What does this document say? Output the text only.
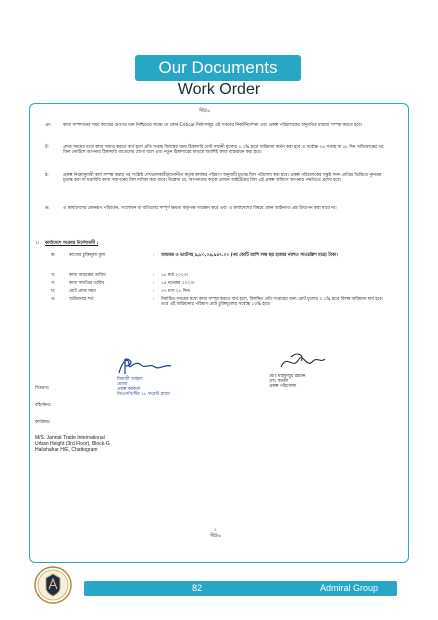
Our Documents
Work Order
সীট/৬
ঞ:	কাজ সম্পাদনের সময় কাজের গুণগত মান নিশ্চিতের লক্ষ্যে যে কোন Critical নির্মাণসমূহ এই দপ্তরের নিকটনির্দেশনা এবং প্রকল্প পরিচালকের অনুমতির মাধ্যমে সম্পন্ন করতে হবে।
ট:	প্রদত্ত সময়ের মধ্যে কাজ সমাপ্ত করতে ব্যর্থ হলে প্রতি সপ্তাহ বিলম্বের জন্য ঠিকাদারি মোট সম্মানী মূল্যের ০.১% হারে জরিমানা কর্তন করা হবে ও সর্বোচ্চ ০৪ সপ্তাহ বা ২৮ দিন অতিক্রান্তের পর বিনা নোটিশে আপনার ঠিকাদারি বাতেলের যোগ্য বলে এবং নতুন ঠিকাদারের মাধ্যমে অবশিষ্ট কাজ বাস্তবায়ন করা হবে।
ঠ:	প্রকল্প নিয়মানুযায়ী কার্য সম্পন্ন করার পর সংশ্লিষ্ট দেখভালকারী/মনোনীত কর্তৃক কার্যকর পরিমাপ অনুযায়ী চূড়ান্ত বিল পরিশোধ করা হবে। প্রকল্প পরিচালকের সন্তুষ্ট সনদ প্রাপ্তির ভিত্তিতে ন্যূনতম চূড়ান্ত করা যা যথাবিধি কাজ সমাপনের বিল দাখিল করা যাবে। উল্লেখ্য যে, আপনাদের কর্তৃক প্রণয়ন আইটেমের বিল এই প্রকল্প অফিসে আপনার পদ্ধতিতে প্রদেয় হবে।
ড:	এ কার্যাদেশের কোনরূপ পরিবর্তন, সংশোধন বা বাতিলের সম্পূর্ণ ক্ষমতা কর্তৃপক্ষ সংরক্ষণ করে এবং এ কার্যাদেশের বিষয়ে কোন আইনগত প্রশ্ন উত্থাপন করা যাবে না।
২। কার্যাদেশে সংক্রান্ত নির্দেশাবলী :
ক:	কাজের চুক্তিমূল্য মূল্য	: আয়কর ও ভ্যাটসহ ৯,৮০,০৬,৯৪৭.০০ (নয় কোটি আশি লক্ষ ছয় হাজার নয়শত সাতচল্লিশ মাত্র) টাকা।
খ:	কাজ আরম্ভের তারিখ	: ১৮ মার্চ ২০২৩।
গ:	কাজ সমাপ্তির তারিখ	: ১৫ নভেম্বর ২০২৩।
ঘ:	মোট প্রদত্ত সময়	: ০৭ মাস ২৮ দিন।
ঙ:	জরিমানার শর্ত	: নির্ধারিত সময়ের মধ্যে কাজ সম্পন্ন করতে ব্যর্থ হলে, বিলম্বিত প্রতি সপ্তাহের জন্য মোট মূল্যের ০.১% হারে বিলম্ব জরিমানা ধার্য হবে। তবে এই জরিমানার পরিমাণ মোট চুক্তিমূল্যের সর্বোচ্চ ১০% হবে।
মিয়াজী আহমদ
মেজর
প্রকল্প কর্মকর্তা
জিএসসি/টিম ১৮ ফরেস্ট প্লাজা
মোঃ মাহফুজুর রহমান
লেঃ কর্নেল
প্রকল্প পরিচালক
বিতরণঃ
বহির্গমনঃ
কার্যক্রমঃ
M/S. Jannat Trade International
Urban Height (3rd Floor), Block-G
Halishahar H/E, Chattogram
২
সীট/৬
82	Admiral Group
